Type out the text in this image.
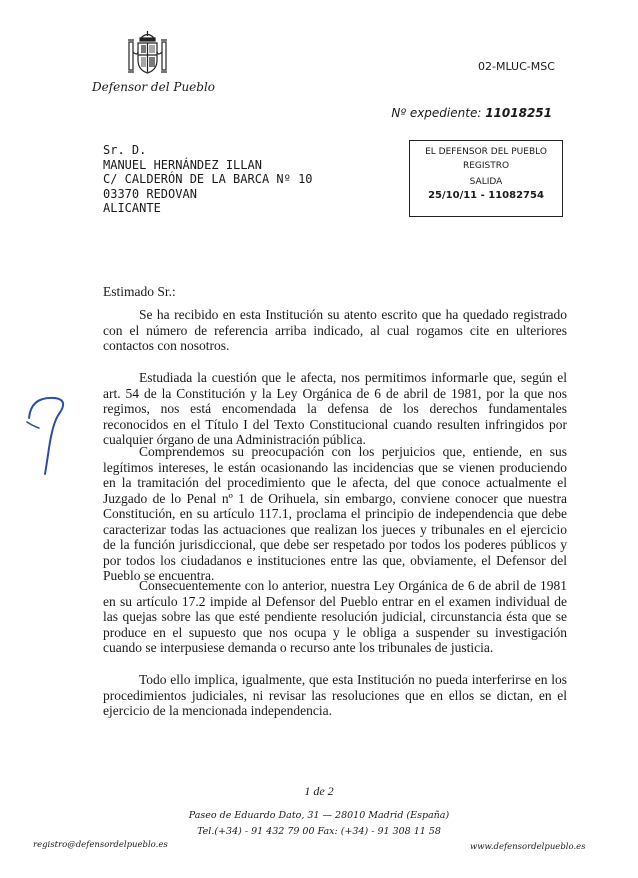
Defensor del Pueblo
02-MLUC-MSC
Nº expediente: 11018251
Sr. D.
MANUEL HERNÁNDEZ ILLAN
C/ CALDERÓN DE LA BARCA Nº 10
03370 REDOVAN
ALICANTE
EL DEFENSOR DEL PUEBLO
REGISTRO
SALIDA
25/10/11 - 11082754
Estimado Sr.:

Se ha recibido en esta Institución su atento escrito que ha quedado registrado con el número de referencia arriba indicado, al cual rogamos cite en ulteriores contactos con nosotros.

Estudiada la cuestión que le afecta, nos permitimos informarle que, según el art. 54 de la Constitución y la Ley Orgánica de 6 de abril de 1981, por la que nos regimos, nos está encomendada la defensa de los derechos fundamentales reconocidos en el Título I del Texto Constitucional cuando resulten infringidos por cualquier órgano de una Administración pública.

Comprendemos su preocupación con los perjuicios que, entiende, en sus legítimos intereses, le están ocasionando las incidencias que se vienen produciendo en la tramitación del procedimiento que le afecta, del que conoce actualmente el Juzgado de lo Penal nº 1 de Orihuela, sin embargo, conviene conocer que nuestra Constitución, en su artículo 117.1, proclama el principio de independencia que debe caracterizar todas las actuaciones que realizan los jueces y tribunales en el ejercicio de la función jurisdiccional, que debe ser respetado por todos los poderes públicos y por todos los ciudadanos e instituciones entre las que, obviamente, el Defensor del Pueblo se encuentra.

Consecuentemente con lo anterior, nuestra Ley Orgánica de 6 de abril de 1981 en su artículo 17.2 impide al Defensor del Pueblo entrar en el examen individual de las quejas sobre las que esté pendiente resolución judicial, circunstancia ésta que se produce en el supuesto que nos ocupa y le obliga a suspender su investigación cuando se interpusiese demanda o recurso ante los tribunales de justicia.

Todo ello implica, igualmente, que esta Institución no pueda interferirse en los procedimientos judiciales, ni revisar las resoluciones que en ellos se dictan, en el ejercicio de la mencionada independencia.

1 de 2
Paseo de Eduardo Dato, 31 — 28010 Madrid (España)
Tel.(+34) - 91 432 79 00 Fax: (+34) - 91 308 11 58
registro@defensordelpueblo.es	www.defensordelpueblo.es
